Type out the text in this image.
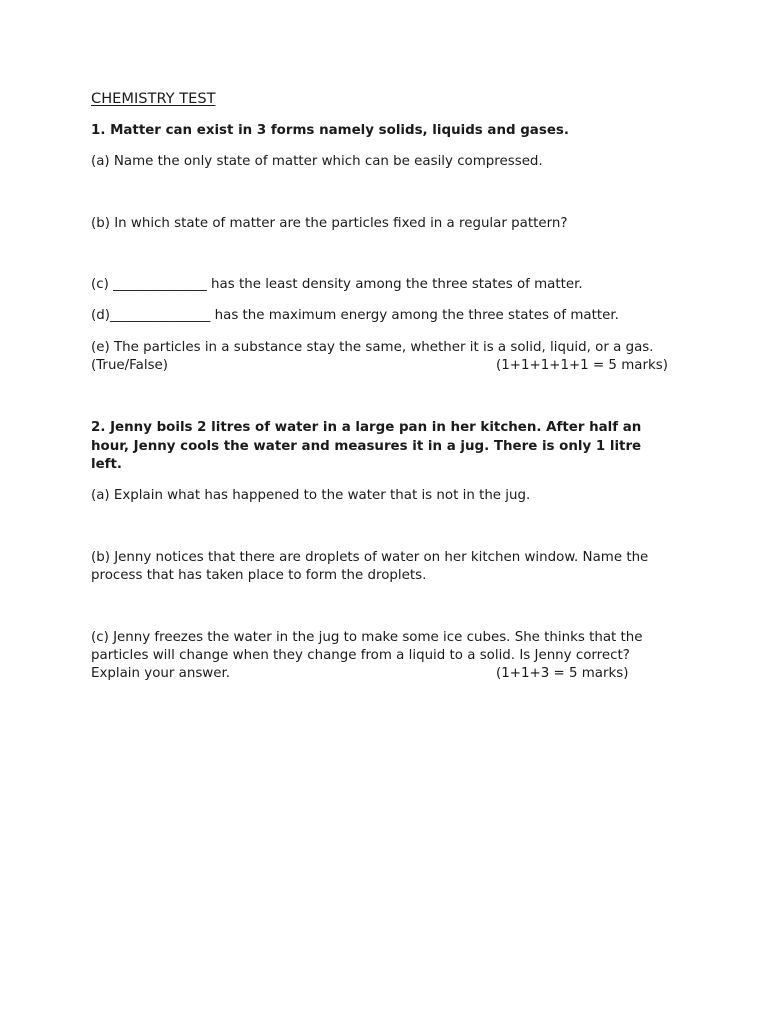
CHEMISTRY TEST

1. Matter can exist in 3 forms namely solids, liquids and gases.

(a) Name the only state of matter which can be easily compressed.

(b) In which state of matter are the particles fixed in a regular pattern?

(c) ______________ has the least density among the three states of matter.

(d)_______________ has the maximum energy among the three states of matter.

(e) The particles in a substance stay the same, whether it is a solid, liquid, or a gas.

(True/False)	(1+1+1+1+1 = 5 marks)

2. Jenny boils 2 litres of water in a large pan in her kitchen. After half an

hour, Jenny cools the water and measures it in a jug. There is only 1 litre

left.

(a) Explain what has happened to the water that is not in the jug.

(b) Jenny notices that there are droplets of water on her kitchen window. Name the

process that has taken place to form the droplets.

(c) Jenny freezes the water in the jug to make some ice cubes. She thinks that the

particles will change when they change from a liquid to a solid. Is Jenny correct?

Explain your answer.	(1+1+3 = 5 marks)
